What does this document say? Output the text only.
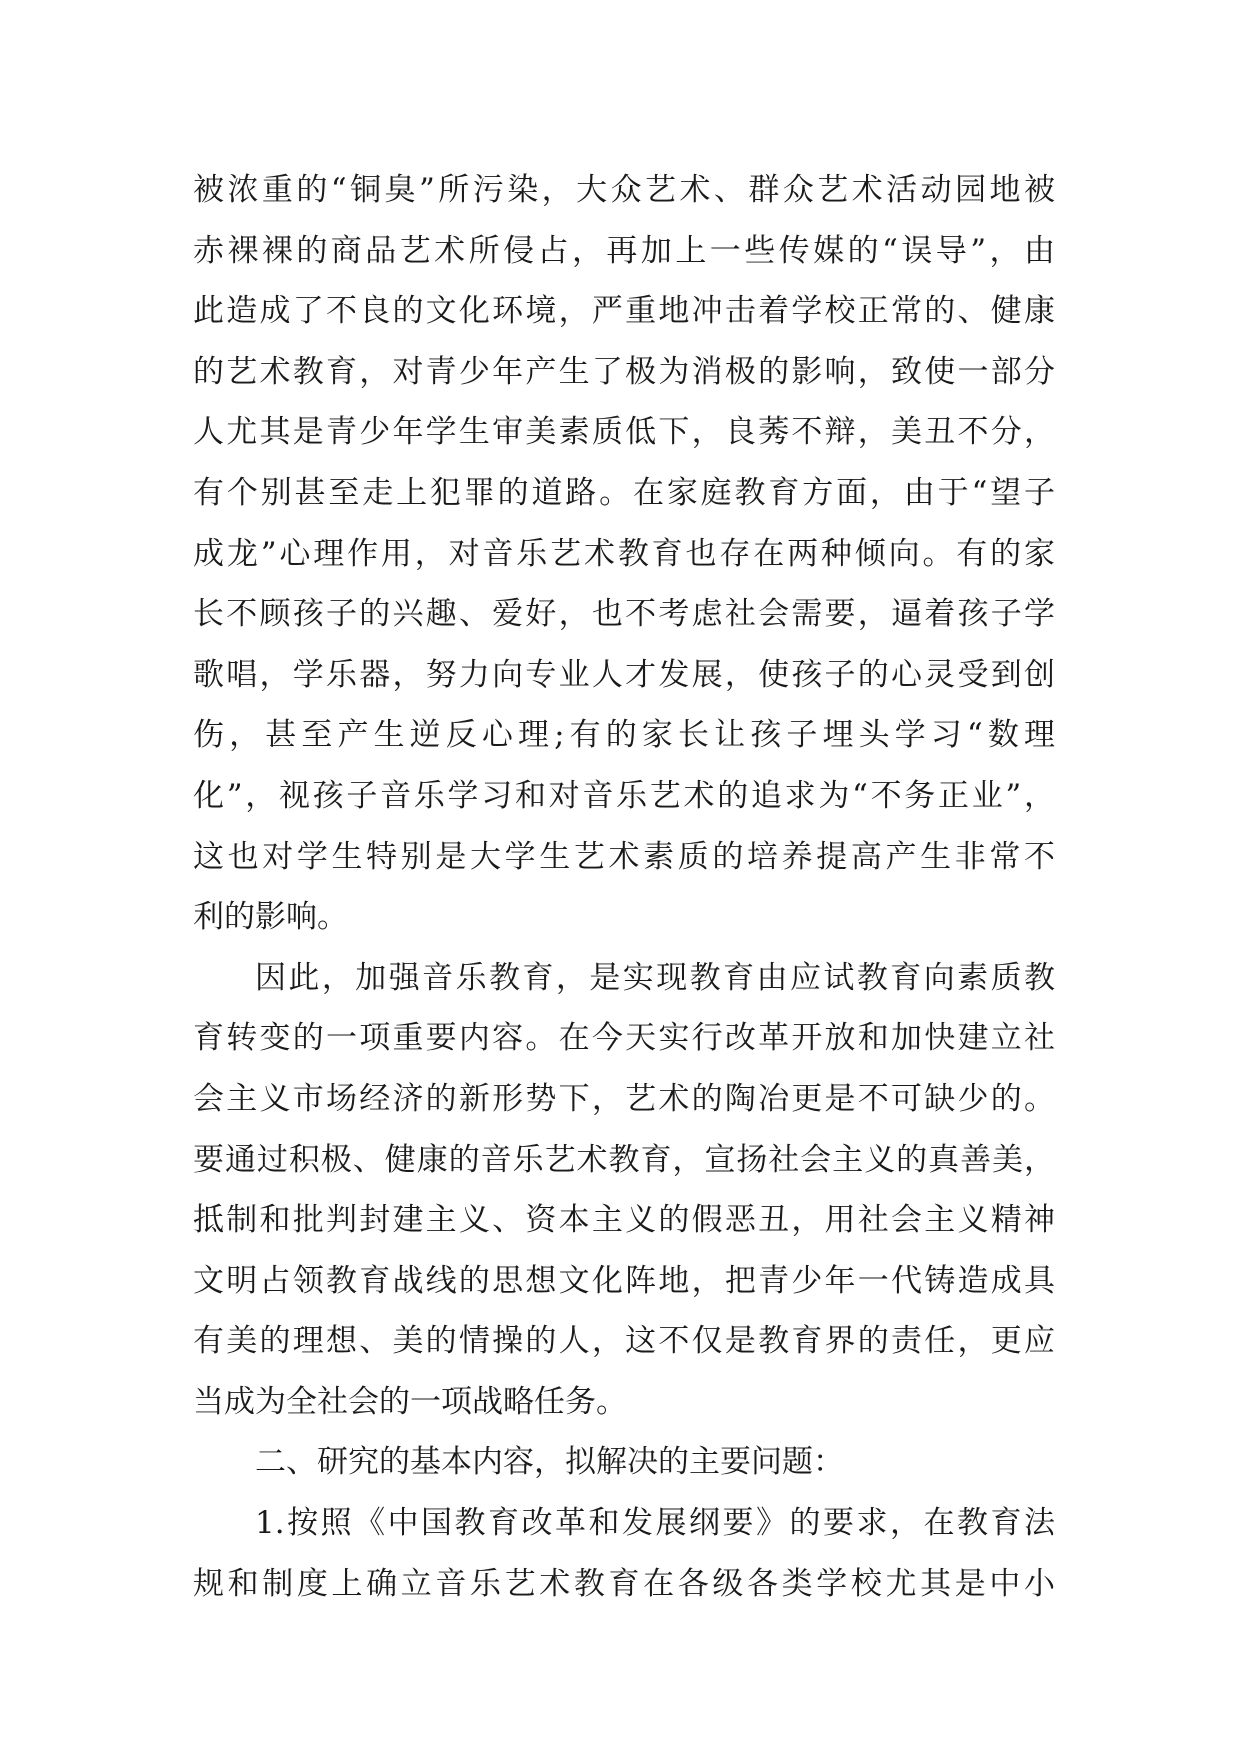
被浓重的“铜臭”所污染，大众艺术、群众艺术活动园地被
赤裸裸的商品艺术所侵占，再加上一些传媒的“误导”，由
此造成了不良的文化环境，严重地冲击着学校正常的、健康
的艺术教育，对青少年产生了极为消极的影响，致使一部分
人尤其是青少年学生审美素质低下，良莠不辩，美丑不分，
有个别甚至走上犯罪的道路。在家庭教育方面，由于“望子
成龙”心理作用，对音乐艺术教育也存在两种倾向。有的家
长不顾孩子的兴趣、爱好，也不考虑社会需要，逼着孩子学
歌唱，学乐器，努力向专业人才发展，使孩子的心灵受到创
伤，甚至产生逆反心理;有的家长让孩子埋头学习“数理
化”，视孩子音乐学习和对音乐艺术的追求为“不务正业”，
这也对学生特别是大学生艺术素质的培养提高产生非常不
利的影响。
因此，加强音乐教育，是实现教育由应试教育向素质教
育转变的一项重要内容。在今天实行改革开放和加快建立社
会主义市场经济的新形势下，艺术的陶冶更是不可缺少的。
要通过积极、健康的音乐艺术教育，宣扬社会主义的真善美，
抵制和批判封建主义、资本主义的假恶丑，用社会主义精神
文明占领教育战线的思想文化阵地，把青少年一代铸造成具
有美的理想、美的情操的人，这不仅是教育界的责任，更应
当成为全社会的一项战略任务。
二、研究的基本内容，拟解决的主要问题：
1.按照《中国教育改革和发展纲要》的要求，在教育法
规和制度上确立音乐艺术教育在各级各类学校尤其是中小
